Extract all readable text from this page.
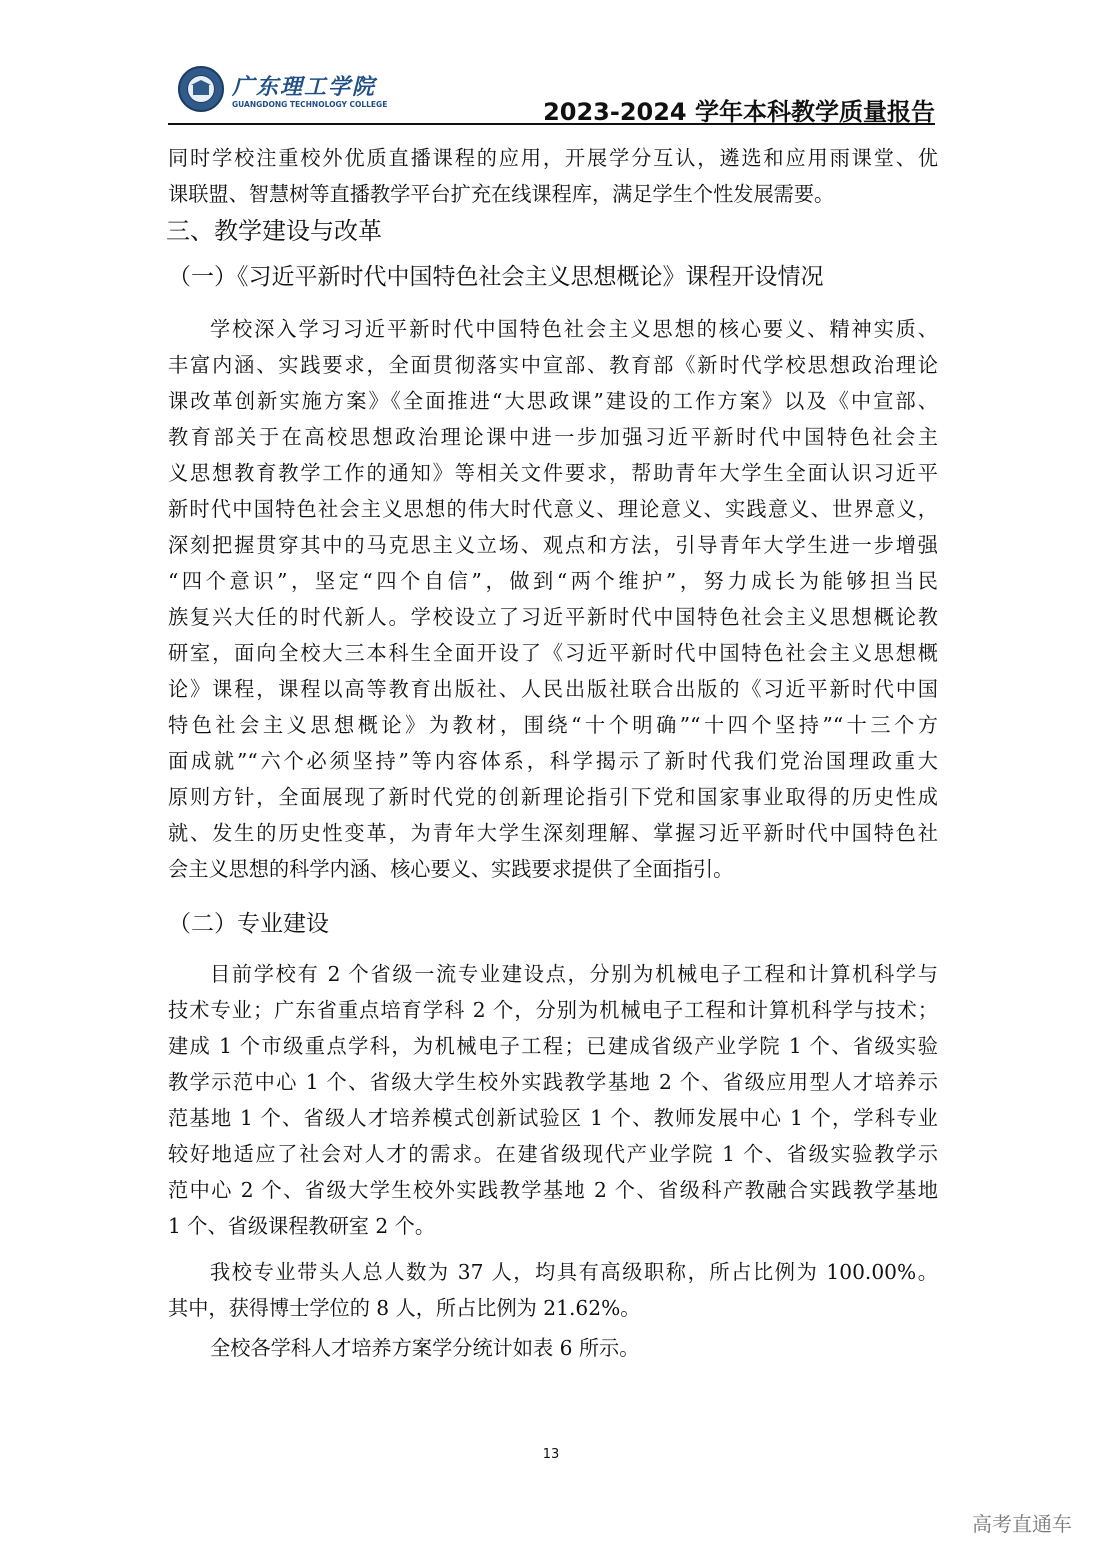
广东理工学院
GUANGDONG TECHNOLOGY COLLEGE	2023-2024 学年本科教学质量报告
同时学校注重校外优质直播课程的应用，开展学分互认，遴选和应用雨课堂、优
课联盟、智慧树等直播教学平台扩充在线课程库，满足学生个性发展需要。
三、教学建设与改革
（一）《习近平新时代中国特色社会主义思想概论》课程开设情况
学校深入学习习近平新时代中国特色社会主义思想的核心要义、精神实质、
丰富内涵、实践要求，全面贯彻落实中宣部、教育部《新时代学校思想政治理论
课改革创新实施方案》《全面推进“大思政课”建设的工作方案》以及《中宣部、
教育部关于在高校思想政治理论课中进一步加强习近平新时代中国特色社会主
义思想教育教学工作的通知》等相关文件要求，帮助青年大学生全面认识习近平
新时代中国特色社会主义思想的伟大时代意义、理论意义、实践意义、世界意义，
深刻把握贯穿其中的马克思主义立场、观点和方法，引导青年大学生进一步增强
“四个意识”，坚定“四个自信”，做到“两个维护”，努力成长为能够担当民
族复兴大任的时代新人。学校设立了习近平新时代中国特色社会主义思想概论教
研室，面向全校大三本科生全面开设了《习近平新时代中国特色社会主义思想概
论》课程，课程以高等教育出版社、人民出版社联合出版的《习近平新时代中国
特色社会主义思想概论》为教材，围绕“十个明确”“十四个坚持”“十三个方
面成就”“六个必须坚持”等内容体系，科学揭示了新时代我们党治国理政重大
原则方针，全面展现了新时代党的创新理论指引下党和国家事业取得的历史性成
就、发生的历史性变革，为青年大学生深刻理解、掌握习近平新时代中国特色社
会主义思想的科学内涵、核心要义、实践要求提供了全面指引。
（二）专业建设
目前学校有 2 个省级一流专业建设点，分别为机械电子工程和计算机科学与
技术专业；广东省重点培育学科 2 个，分别为机械电子工程和计算机科学与技术；
建成 1 个市级重点学科，为机械电子工程；已建成省级产业学院 1 个、省级实验
教学示范中心 1 个、省级大学生校外实践教学基地 2 个、省级应用型人才培养示
范基地 1 个、省级人才培养模式创新试验区 1 个、教师发展中心 1 个，学科专业
较好地适应了社会对人才的需求。在建省级现代产业学院 1 个、省级实验教学示
范中心 2 个、省级大学生校外实践教学基地 2 个、省级科产教融合实践教学基地
1 个、省级课程教研室 2 个。
我校专业带头人总人数为 37 人，均具有高级职称，所占比例为 100.00%。
其中，获得博士学位的 8 人，所占比例为 21.62%。
全校各学科人才培养方案学分统计如表 6 所示。
13
高考直通车
